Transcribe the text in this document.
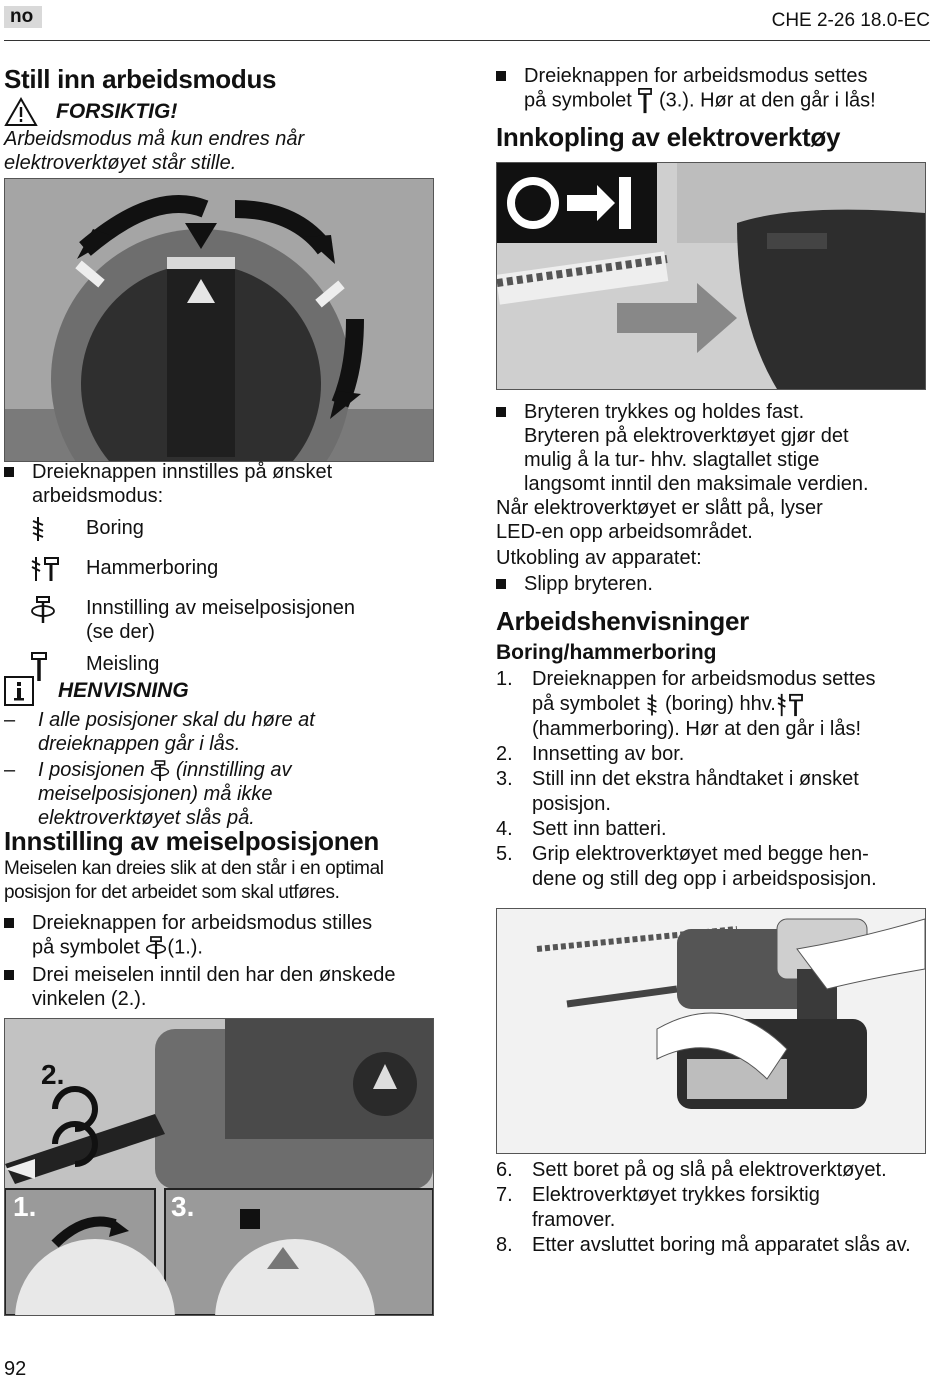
no	CHE 2-26 18.0-EC
Still inn arbeidsmodus
FORSIKTIG!
Arbeidsmodus må kun endres når
elektroverktøyet står stille.
Dreieknappen innstilles på ønsket
arbeidsmodus:
Boring
Hammerboring
Innstilling av meiselposisjonen
(se der)
Meisling
HENVISNING
–	I alle posisjoner skal du høre at
dreieknappen går i lås.
–	I posisjonen (innstilling av
meiselposisjonen) må ikke
elektroverktøyet slås på.
Innstilling av meiselposisjonen
Meiselen kan dreies slik at den står i en optimal
posisjon for det arbeidet som skal utføres.
Dreieknappen for arbeidsmodus stilles
på symbolet (1.).
Drei meiselen inntil den har den ønskede
vinkelen (2.).
2.
1.	3.
Dreieknappen for arbeidsmodus settes
på symbolet (3.). Hør at den går i lås!
Innkopling av elektroverktøy
Bryteren trykkes og holdes fast.
Bryteren på elektroverktøyet gjør det
mulig å la tur- hhv. slagtallet stige
langsomt inntil den maksimale verdien.
Når elektroverktøyet er slått på, lyser
LED-en opp arbeidsområdet.
Utkobling av apparatet:
Slipp bryteren.
Arbeidshenvisninger
Boring/hammerboring
1. Dreieknappen for arbeidsmodus settes
på symbolet (boring) hhv.
(hammerboring). Hør at den går i lås!
2. Innsetting av bor.
3. Still inn det ekstra håndtaket i ønsket
posisjon.
4. Sett inn batteri.
5. Grip elektroverktøyet med begge hen-
dene og still deg opp i arbeidsposisjon.
6. Sett boret på og slå på elektroverktøyet.
7. Elektroverktøyet trykkes forsiktig
framover.
8. Etter avsluttet boring må apparatet slås av.
92
